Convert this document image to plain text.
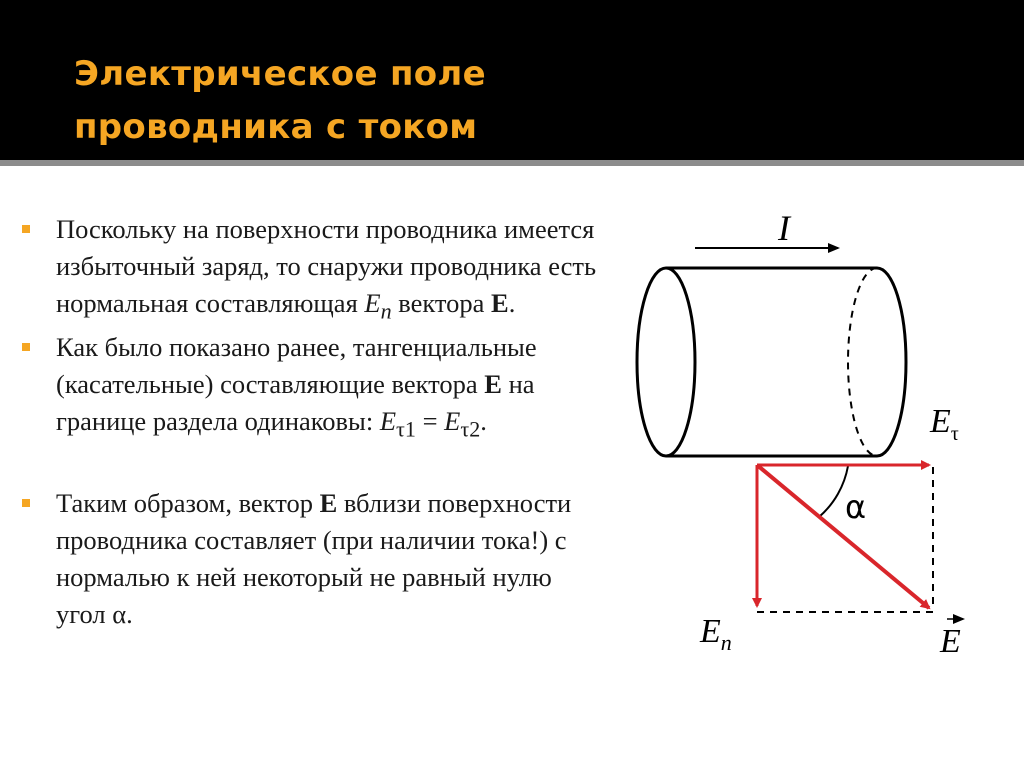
Электрическое поле
проводника с током
Поскольку на поверхности проводника имеется избыточный заряд, то снаружи проводника есть нормальная составляющая $E_n$ вектора E.
Как было показано ранее, тангенциальные (касательные) составляющие вектора E на границе раздела одинаковы: $E_{\tau 1} = E_{\tau 2}$.
Таким образом, вектор E вблизи поверхности проводника составляет (при наличии тока!) с нормалью к ней некоторый не равный нулю угол α.
I
α
$E_\tau$
$E_n$	E
